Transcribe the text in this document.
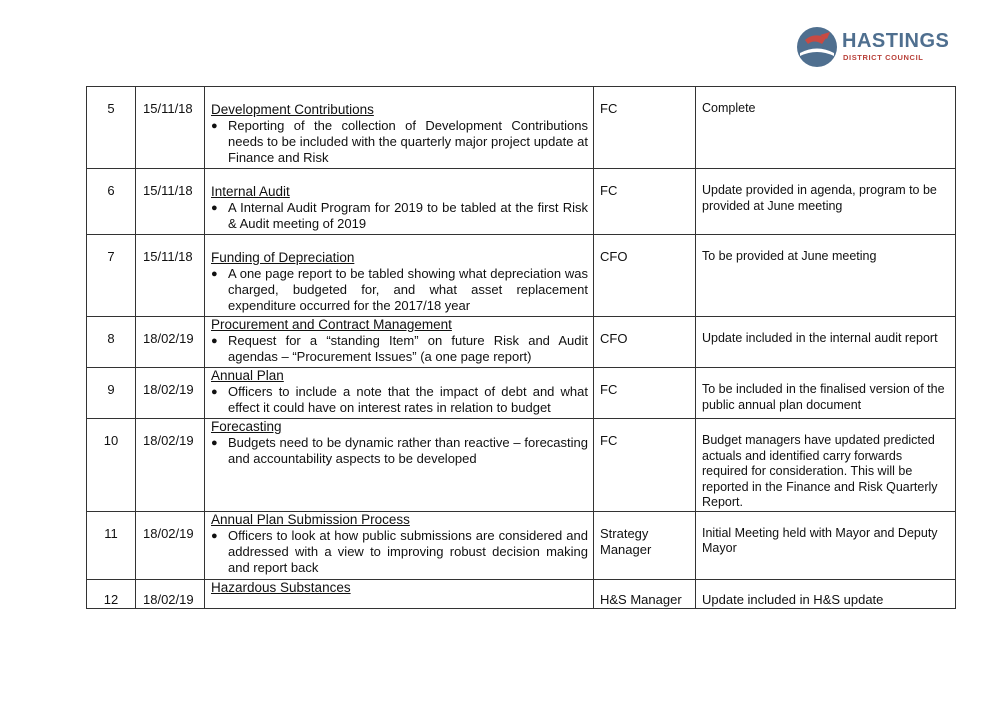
HASTINGS
DISTRICT COUNCIL
5	15/11/18	Development Contributions
● Reporting of the collection of Development Contributions needs to be included with the quarterly major project update at Finance and Risk	FC	Complete

6	15/11/18	Internal Audit
● A Internal Audit Program for 2019 to be tabled at the first Risk & Audit meeting of 2019	FC	Update provided in agenda, program to be provided at June meeting

7	15/11/18	Funding of Depreciation
● A one page report to be tabled showing what depreciation was charged, budgeted for, and what asset replacement expenditure occurred for the 2017/18 year	CFO	To be provided at June meeting

8	18/02/19	Procurement and Contract Management
● Request for a “standing Item” on future Risk and Audit agendas – “Procurement Issues” (a one page report)	CFO	Update included in the internal audit report

9	18/02/19	Annual Plan
● Officers to include a note that the impact of debt and what effect it could have on interest rates in relation to budget	FC	To be included in the finalised version of the public annual plan document

10	18/02/19	Forecasting
● Budgets need to be dynamic rather than reactive – forecasting and accountability aspects to be developed	FC	Budget managers have updated predicted actuals and identified carry forwards required for consideration. This will be reported in the Finance and Risk Quarterly Report.

11	18/02/19	Annual Plan Submission Process
● Officers to look at how public submissions are considered and addressed with a view to improving robust decision making and report back	Strategy Manager	Initial Meeting held with Mayor and Deputy Mayor

12	18/02/19	Hazardous Substances	H&S Manager	Update included in H&S update
